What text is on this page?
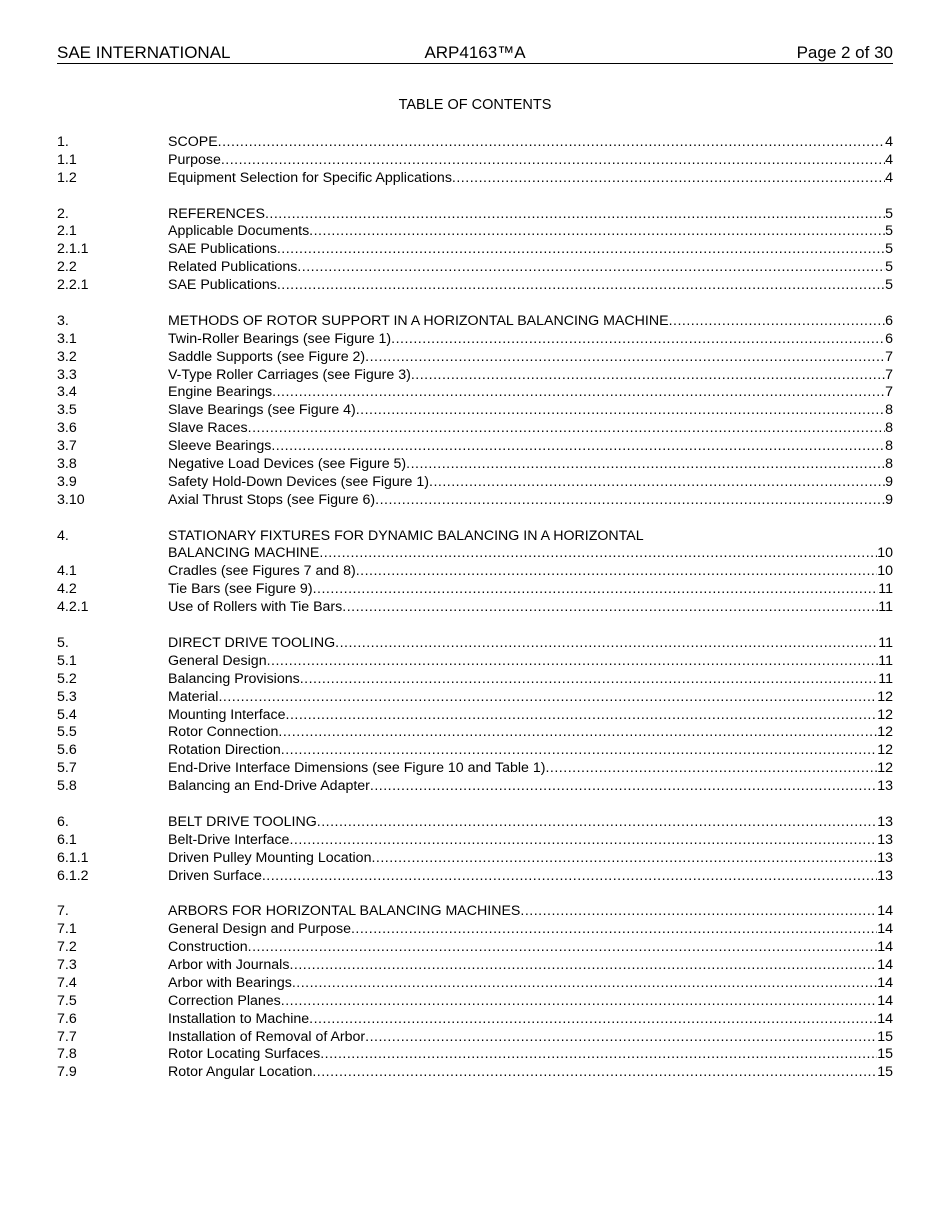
SAE INTERNATIONAL	ARP4163™A	Page 2 of 30
TABLE OF CONTENTS
1.	SCOPE .....	4
1.1	Purpose .....	4
1.2	Equipment Selection for Specific Applications .....	4
2.	REFERENCES .....	5
2.1	Applicable Documents .....	5
2.1.1	SAE Publications .....	5
2.2	Related Publications .....	5
2.2.1	SAE Publications .....	5
3.	METHODS OF ROTOR SUPPORT IN A HORIZONTAL BALANCING MACHINE .....	6
3.1	Twin-Roller Bearings (see Figure 1) .....	6
3.2	Saddle Supports (see Figure 2) .....	7
3.3	V-Type Roller Carriages (see Figure 3) .....	7
3.4	Engine Bearings .....	7
3.5	Slave Bearings (see Figure 4) .....	8
3.6	Slave Races .....	8
3.7	Sleeve Bearings .....	8
3.8	Negative Load Devices (see Figure 5) .....	8
3.9	Safety Hold-Down Devices (see Figure 1) .....	9
3.10	Axial Thrust Stops (see Figure 6) .....	9
4.	STATIONARY FIXTURES FOR DYNAMIC BALANCING IN A HORIZONTAL
BALANCING MACHINE .....	10
4.1	Cradles (see Figures 7 and 8) .....	10
4.2	Tie Bars (see Figure 9) .....	11
4.2.1	Use of Rollers with Tie Bars .....	11
5.	DIRECT DRIVE TOOLING .....	11
5.1	General Design .....	11
5.2	Balancing Provisions .....	11
5.3	Material .....	12
5.4	Mounting Interface .....	12
5.5	Rotor Connection .....	12
5.6	Rotation Direction .....	12
5.7	End-Drive Interface Dimensions (see Figure 10 and Table 1) .....	12
5.8	Balancing an End-Drive Adapter .....	13
6.	BELT DRIVE TOOLING .....	13
6.1	Belt-Drive Interface .....	13
6.1.1	Driven Pulley Mounting Location .....	13
6.1.2	Driven Surface .....	13
7.	ARBORS FOR HORIZONTAL BALANCING MACHINES .....	14
7.1	General Design and Purpose .....	14
7.2	Construction .....	14
7.3	Arbor with Journals .....	14
7.4	Arbor with Bearings .....	14
7.5	Correction Planes .....	14
7.6	Installation to Machine .....	14
7.7	Installation of Removal of Arbor .....	15
7.8	Rotor Locating Surfaces .....	15
7.9	Rotor Angular Location .....	15
